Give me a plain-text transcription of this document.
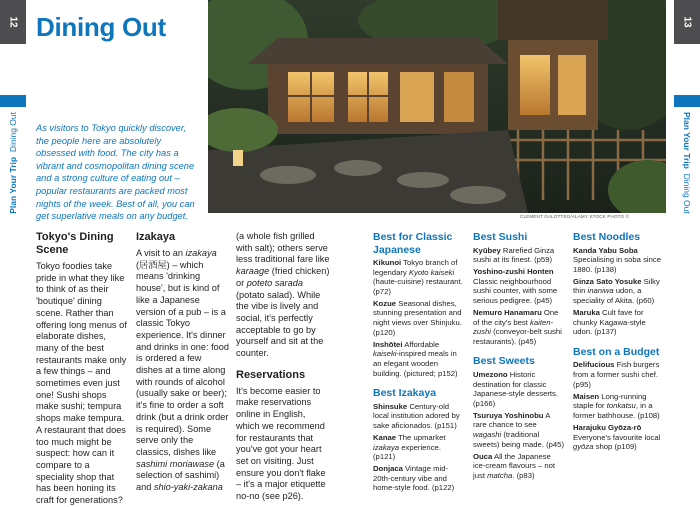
12
Plan Your Trip  Dining Out
13
Plan Your Trip  Dining Out
Dining Out

As visitors to Tokyo quickly discover, the people here are absolutely obsessed with food. The city has a vibrant and cosmopolitan dining scene and a strong culture of eating out – popular restaurants are packed most nights of the week. Best of all, you can get superlative meals on any budget.	CLEMENT GALOTTEO/ALAMY STOCK PHOTO ©
Tokyo's Dining Scene

Tokyo foodies take pride in what they like to think of as their 'boutique' dining scene. Rather than offering long menus of elaborate dishes, many of the best restaurants make only a few things – and sometimes even just one! Sushi shops make sushi; tempura shops make tempura. A restaurant that does too much might be suspect: how can it compare to a speciality shop that has been honing its craft for generations?

Izakaya

A visit to an izakaya (居酒屋) – which means 'drinking house', but is kind of like a Japanese version of a pub – is a classic Tokyo experience. It's dinner and drinks in one: food is ordered a few dishes at a time along with rounds of alcohol (usually sake or beer); it's fine to order a soft drink (but a drink order is required). Some serve only the classics, dishes like sashimi moriawase (a selection of sashimi) and shio-yaki-zakana

(a whole fish grilled with salt); others serve less traditional fare like karaage (fried chicken) or poteto sarada (potato salad). While the vibe is lively and social, it's perfectly acceptable to go by yourself and sit at the counter.

Reservations

It's become easier to make reservations online in English, which we recommend for restaurants that you've got your heart set on visiting. Just ensure you don't flake – it's a major etiquette no-no (see p26).

Best for Classic Japanese
Kikunoi Tokyo branch of legendary Kyoto kaiseki (haute-cuisine) restaurant. (p72)
Kozue Seasonal dishes, stunning presentation and night views over Shinjuku. (p120)
Inshōtei Affordable kaiseki-inspired meals in an elegant wooden building. (pictured; p152)
Best Izakaya
Shinsuke Century-old local institution adored by sake aficionados. (p151)
Kanae The upmarket izakaya experience. (p121)
Donjaca Vintage mid-20th-century vibe and home-style food. (p122)
Best Sushi
Kyūbey Rarefied Ginza sushi at its finest. (p59)
Yoshino-zushi Honten Classic neighbourhood sushi counter, with some serious pedigree. (p45)
Nemuro Hanamaru One of the city's best kaiten-zushi (conveyor-belt sushi restaurants). (p45)
Best Sweets
Umezono Historic destination for classic Japanese-style desserts. (p166)
Tsuruya Yoshinobu A rare chance to see wagashi (traditional sweets) being made. (p45)
Ouca All the Japanese ice-cream flavours – not just matcha. (p83)
Best Noodles
Kanda Yabu Soba Specialising in soba since 1880. (p138)
Ginza Sato Yosuke Silky thin inaniwa udon, a speciality of Akita. (p60)
Maruka Cult fave for chunky Kagawa-style udon. (p137)
Best on a Budget
Delifucious Fish burgers from a former sushi chef. (p95)
Maisen Long-running staple for tonkatsu, in a former bathhouse. (p108)
Harajuku Gyōza-rō Everyone's favourite local gyōza shop (p109)
